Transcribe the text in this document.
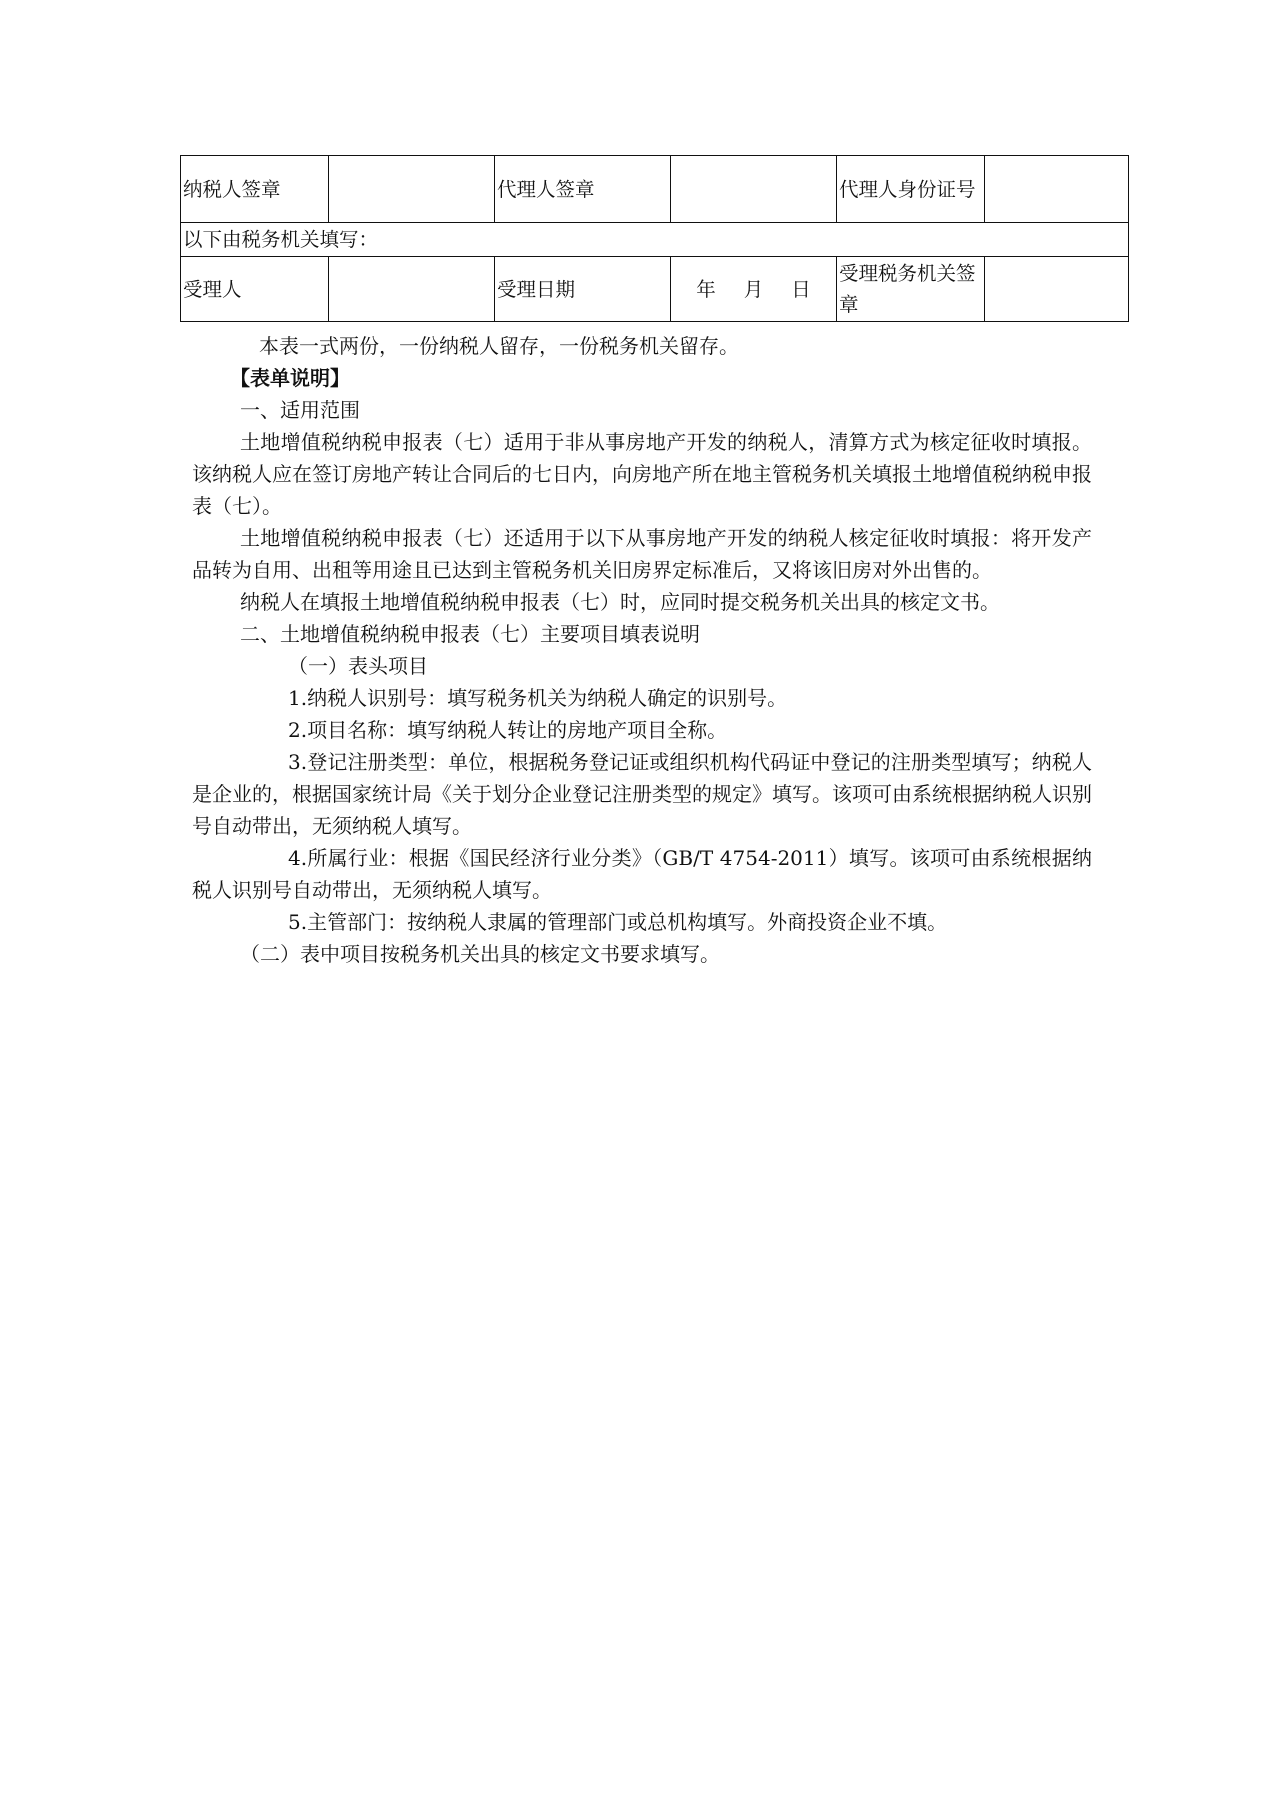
纳税人签章		代理人签章		代理人身份证号	
以下由税务机关填写：					
受理人		受理日期	年 月 日	受理税务机关签章	

本表一式两份，一份纳税人留存，一份税务机关留存。

【表单说明】

一、适用范围

土地增值税纳税申报表（七）适用于非从事房地产开发的纳税人，清算方式为核定征收时填报。该纳税人应在签订房地产转让合同后的七日内，向房地产所在地主管税务机关填报土地增值税纳税申报表（七）。

土地增值税纳税申报表（七）还适用于以下从事房地产开发的纳税人核定征收时填报：将开发产品转为自用、出租等用途且已达到主管税务机关旧房界定标准后，又将该旧房对外出售的。

纳税人在填报土地增值税纳税申报表（七）时，应同时提交税务机关出具的核定文书。

二、土地增值税纳税申报表（七）主要项目填表说明

（一）表头项目

1.纳税人识别号：填写税务机关为纳税人确定的识别号。

2.项目名称：填写纳税人转让的房地产项目全称。

3.登记注册类型：单位，根据税务登记证或组织机构代码证中登记的注册类型填写；纳税人是企业的，根据国家统计局《关于划分企业登记注册类型的规定》填写。该项可由系统根据纳税人识别号自动带出，无须纳税人填写。

4.所属行业：根据《国民经济行业分类》（GB/T 4754-2011）填写。该项可由系统根据纳税人识别号自动带出，无须纳税人填写。

5.主管部门：按纳税人隶属的管理部门或总机构填写。外商投资企业不填。

（二）表中项目按税务机关出具的核定文书要求填写。
